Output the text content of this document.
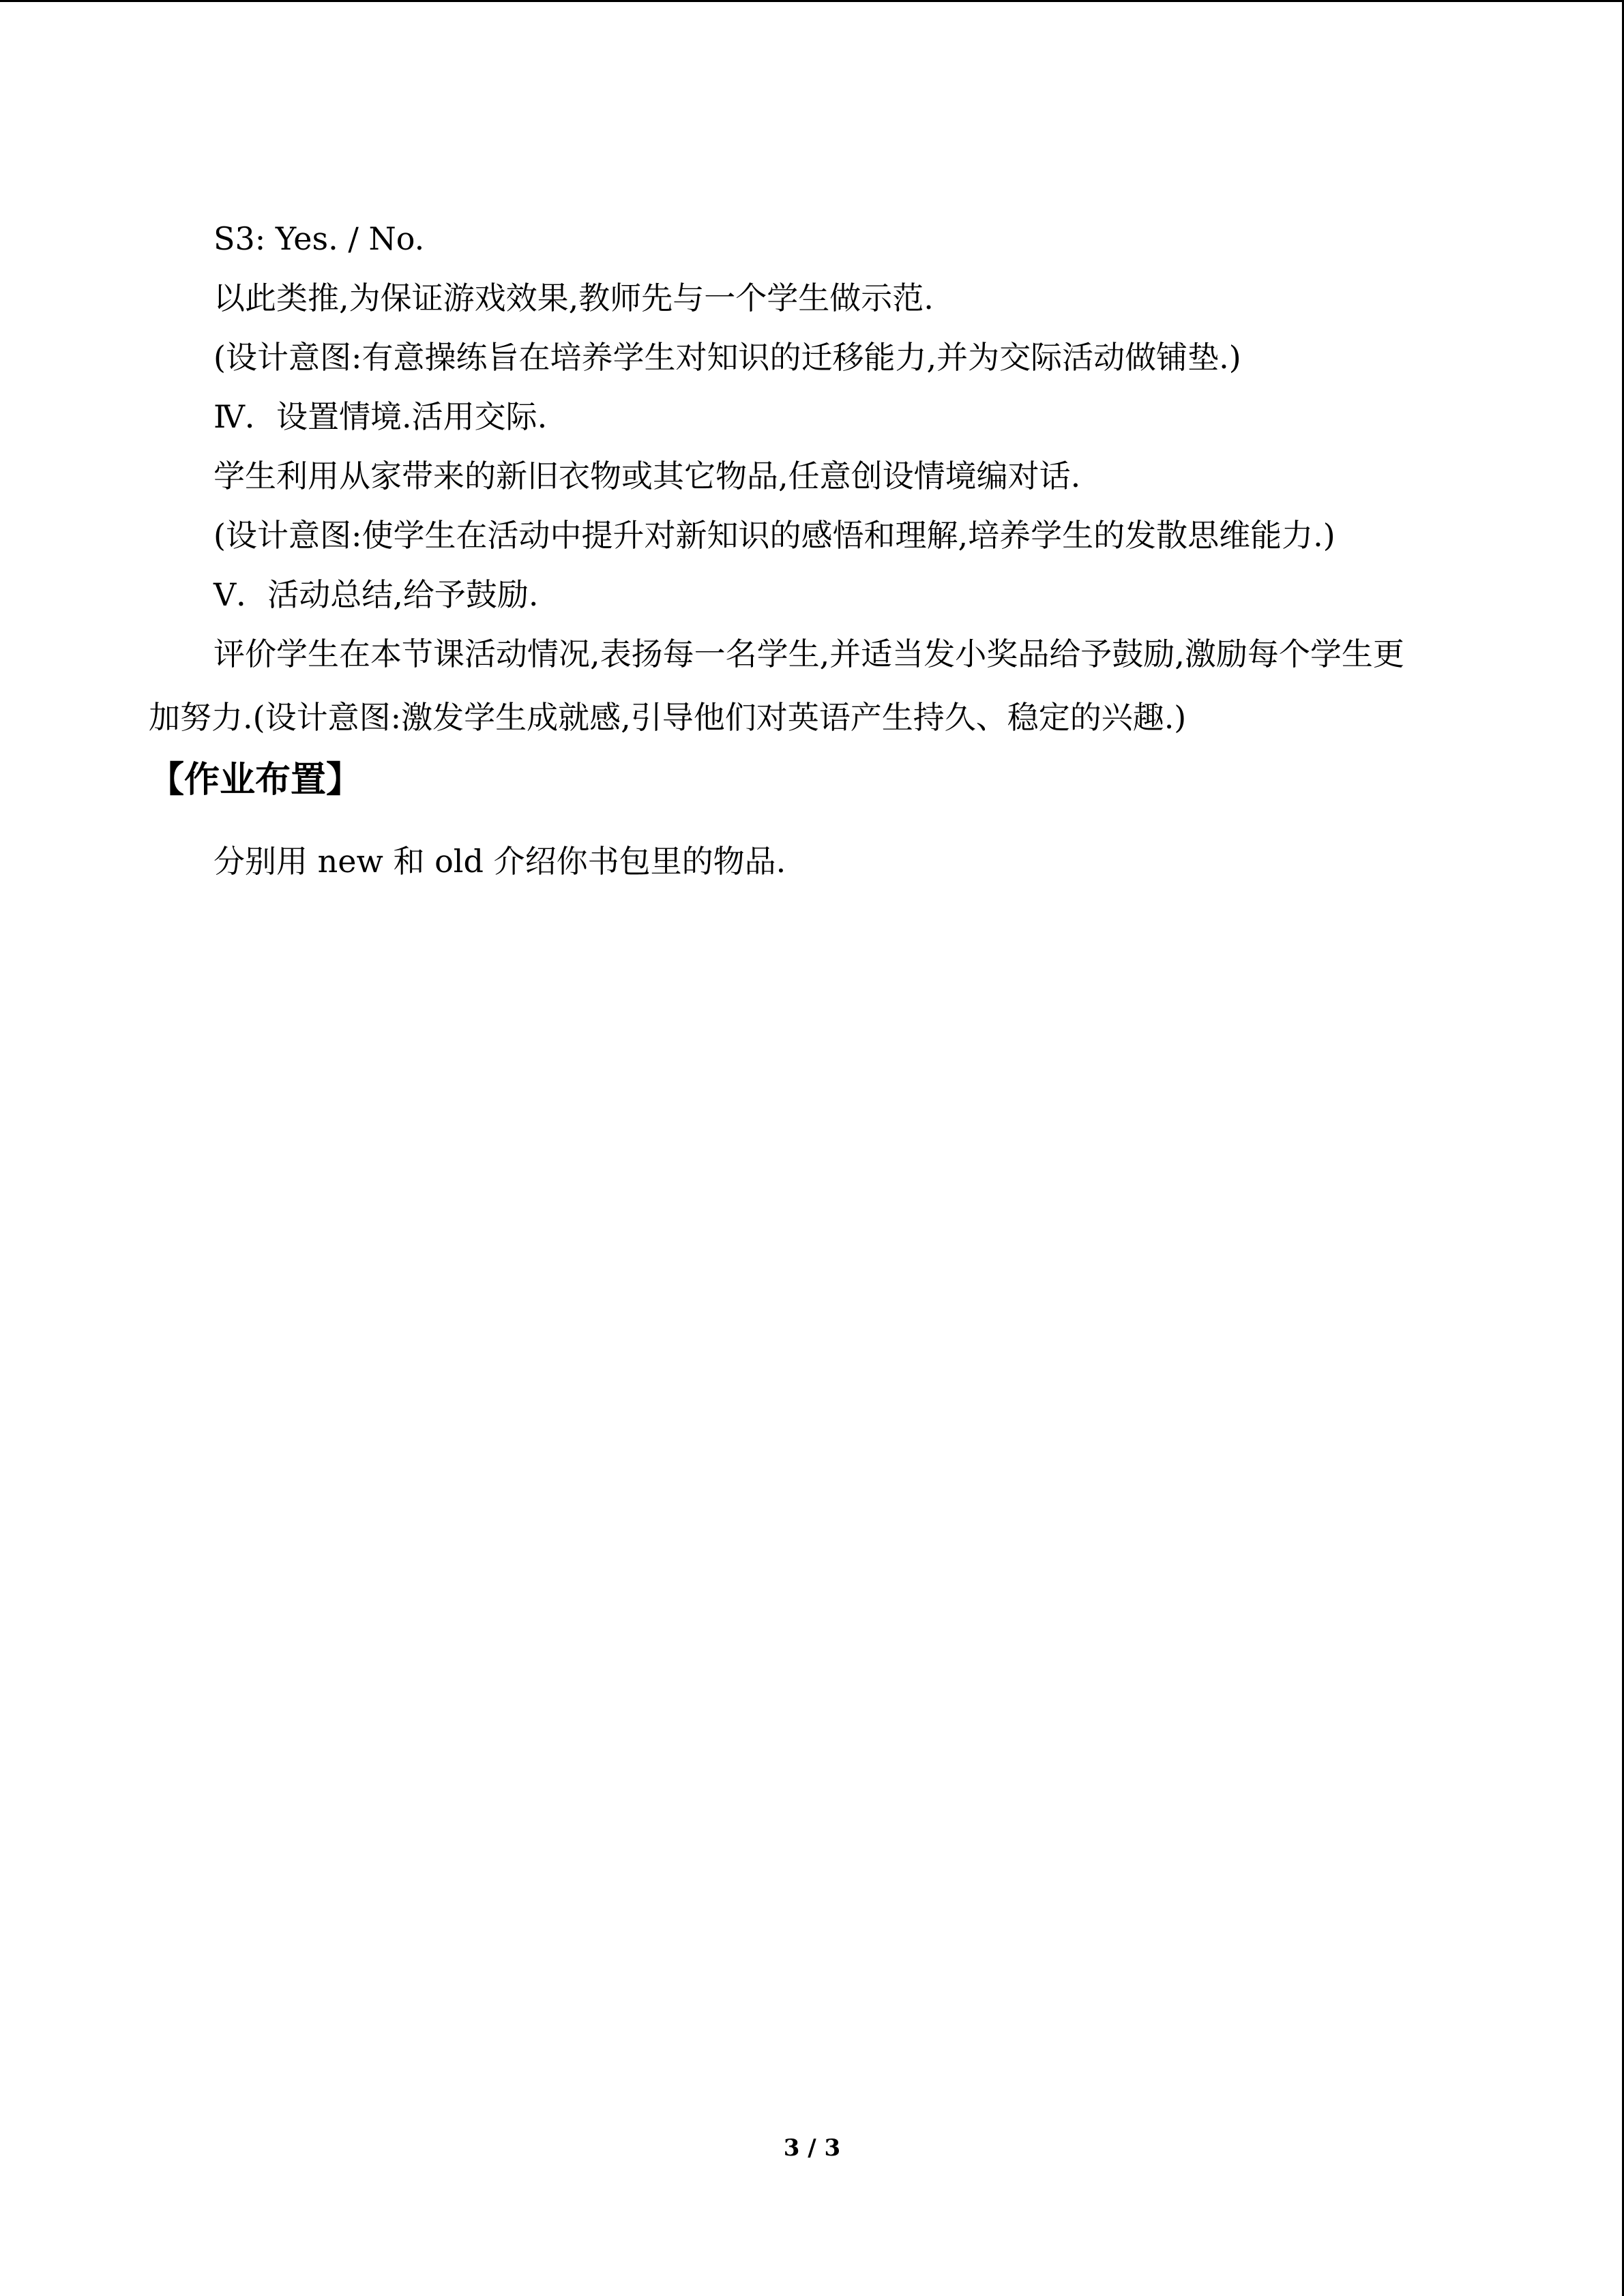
S3: Yes. / No.
以此类推,为保证游戏效果,教师先与一个学生做示范.
(设计意图:有意操练旨在培养学生对知识的迁移能力,并为交际活动做铺垫.)
Ⅳ．设置情境.活用交际.
学生利用从家带来的新旧衣物或其它物品,任意创设情境编对话.
(设计意图:使学生在活动中提升对新知识的感悟和理解,培养学生的发散思维能力.)
Ⅴ．活动总结,给予鼓励.
评价学生在本节课活动情况,表扬每一名学生,并适当发小奖品给予鼓励,激励每个学生更
加努力.(设计意图:激发学生成就感,引导他们对英语产生持久、稳定的兴趣.)
【作业布置】
分别用 new 和 old 介绍你书包里的物品.
3 / 3
